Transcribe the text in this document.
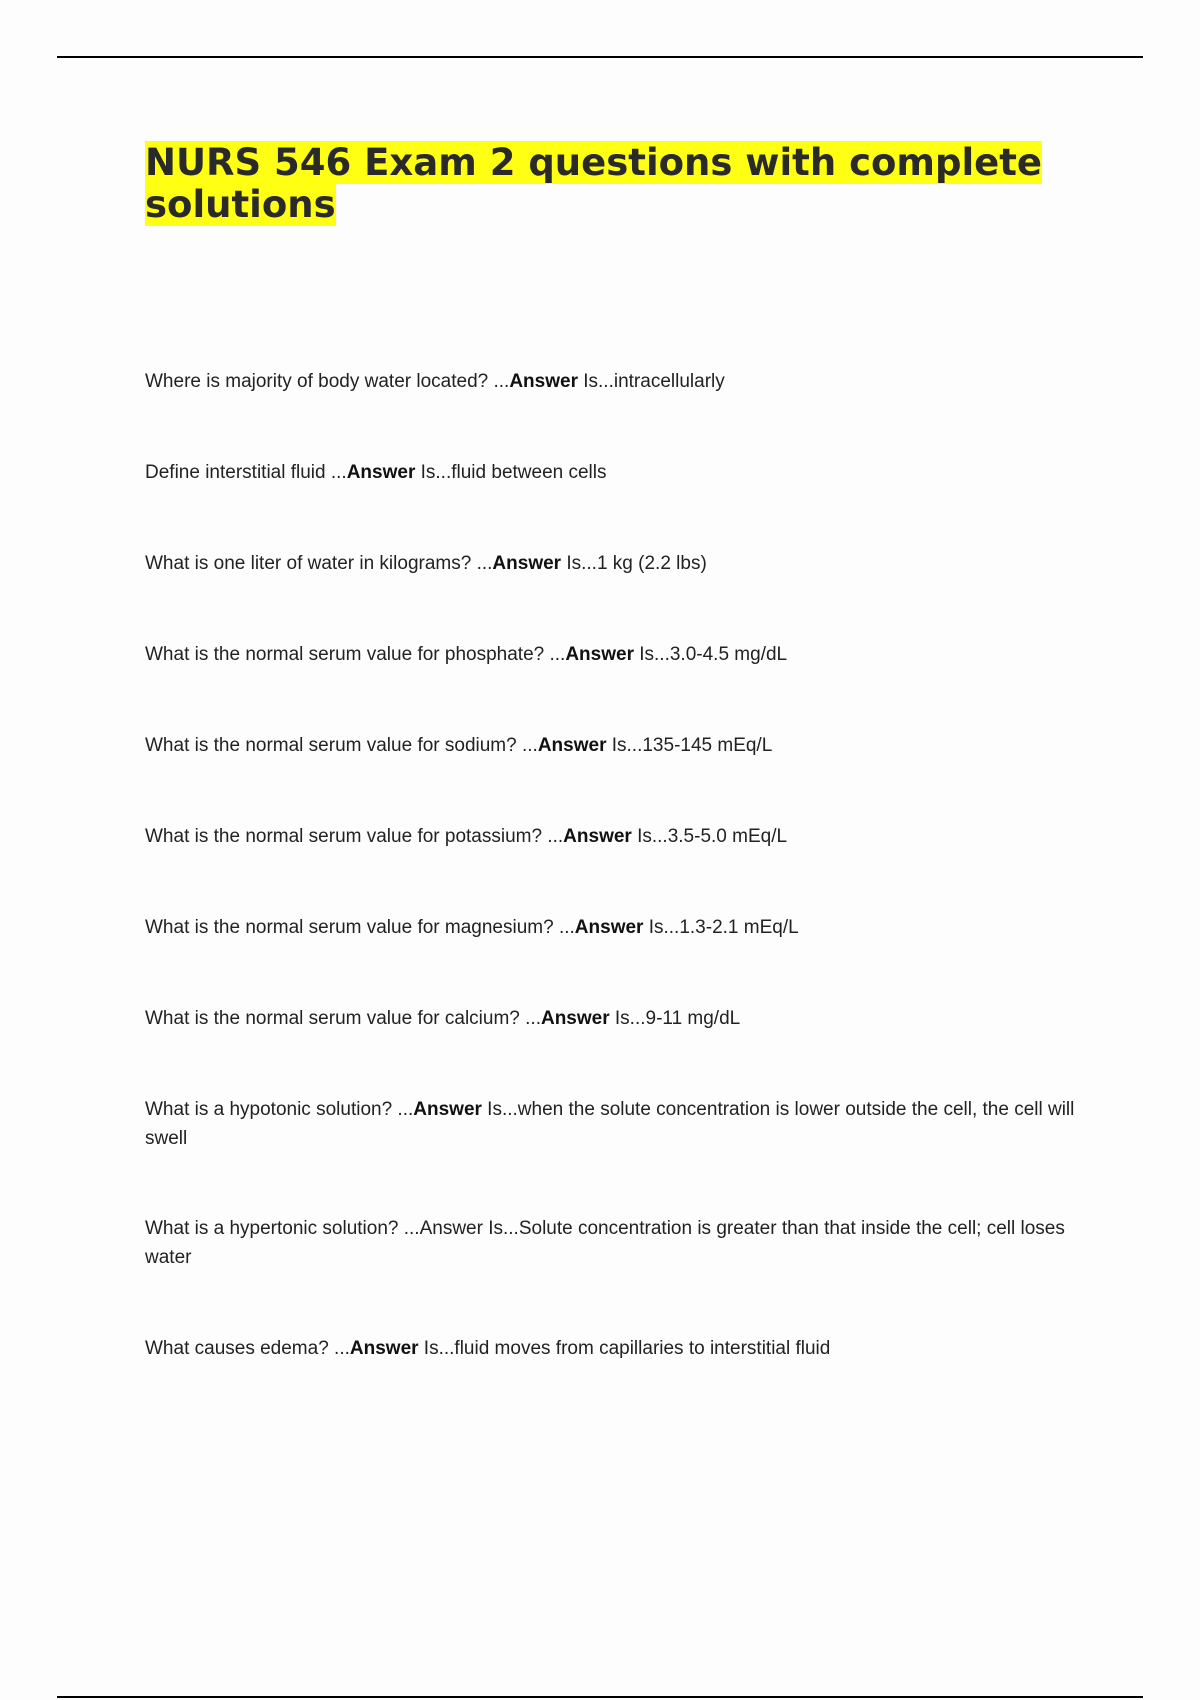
NURS 546 Exam 2 questions with complete solutions

Where is majority of body water located? ...Answer Is...intracellularly

Define interstitial fluid ...Answer Is...fluid between cells

What is one liter of water in kilograms? ...Answer Is...1 kg (2.2 lbs)

What is the normal serum value for phosphate? ...Answer Is...3.0-4.5 mg/dL

What is the normal serum value for sodium? ...Answer Is...135-145 mEq/L

What is the normal serum value for potassium? ...Answer Is...3.5-5.0 mEq/L

What is the normal serum value for magnesium? ...Answer Is...1.3-2.1 mEq/L

What is the normal serum value for calcium? ...Answer Is...9-11 mg/dL

What is a hypotonic solution? ...Answer Is...when the solute concentration is lower outside the cell, the cell will swell

What is a hypertonic solution? ...Answer Is...Solute concentration is greater than that inside the cell; cell loses water

What causes edema? ...Answer Is...fluid moves from capillaries to interstitial fluid
